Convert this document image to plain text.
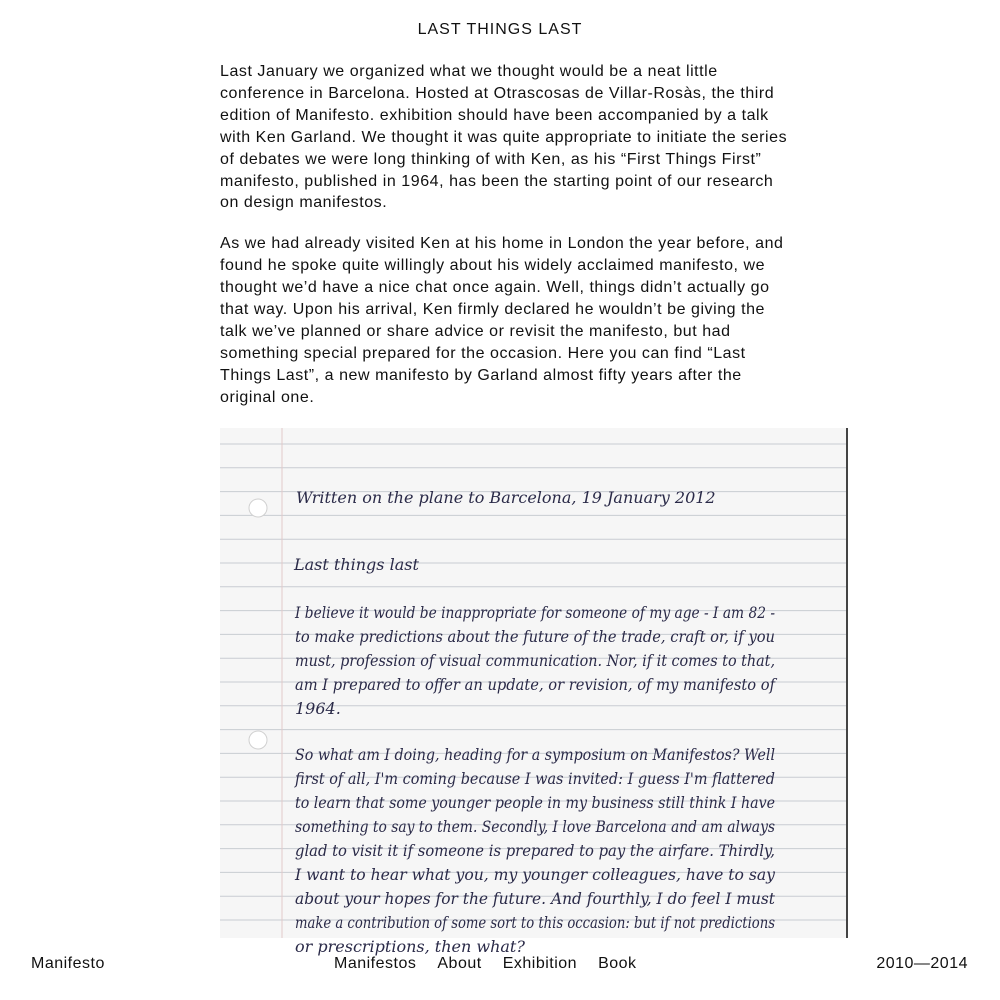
LAST THINGS LAST

Last January we organized what we thought would be a neat little conference in Barcelona. Hosted at Otrascosas de Villar-Rosàs, the third edition of Manifesto. exhibition should have been accompanied by a talk with Ken Garland. We thought it was quite appropriate to initiate the series of debates we were long thinking of with Ken, as his “First Things First” manifesto, published in 1964, has been the starting point of our research on design manifestos.

As we had already visited Ken at his home in London the year before, and found he spoke quite willingly about his widely acclaimed manifesto, we thought we’d have a nice chat once again. Well, things didn’t actually go that way. Upon his arrival, Ken firmly declared he wouldn’t be giving the talk we’ve planned or share advice or revisit the manifesto, but had something special prepared for the occasion. Here you can find “Last Things Last”, a new manifesto by Garland almost fifty years after the original one.

Written on the plane to Barcelona, 19 January 2012
Last things last
I believe it would be inappropriate for someone of my age - I am 82 -
to make predictions about the future of the trade, craft or, if you
must, profession of visual communication. Nor, if it comes to that,
am I prepared to offer an update, or revision, of my manifesto of
1964.
So what am I doing, heading for a symposium on Manifestos? Well
first of all, I'm coming because I was invited: I guess I'm flattered
to learn that some younger people in my business still think I have
something to say to them. Secondly, I love Barcelona and am always
glad to visit it if someone is prepared to pay the airfare. Thirdly,
I want to hear what you, my younger colleagues, have to say
about your hopes for the future. And fourthly, I do feel I must
make a contribution of some sort to this occasion: but if not predictions
or prescriptions, then what?
Manifesto	Manifestos About Exhibition Book	2010—2014
